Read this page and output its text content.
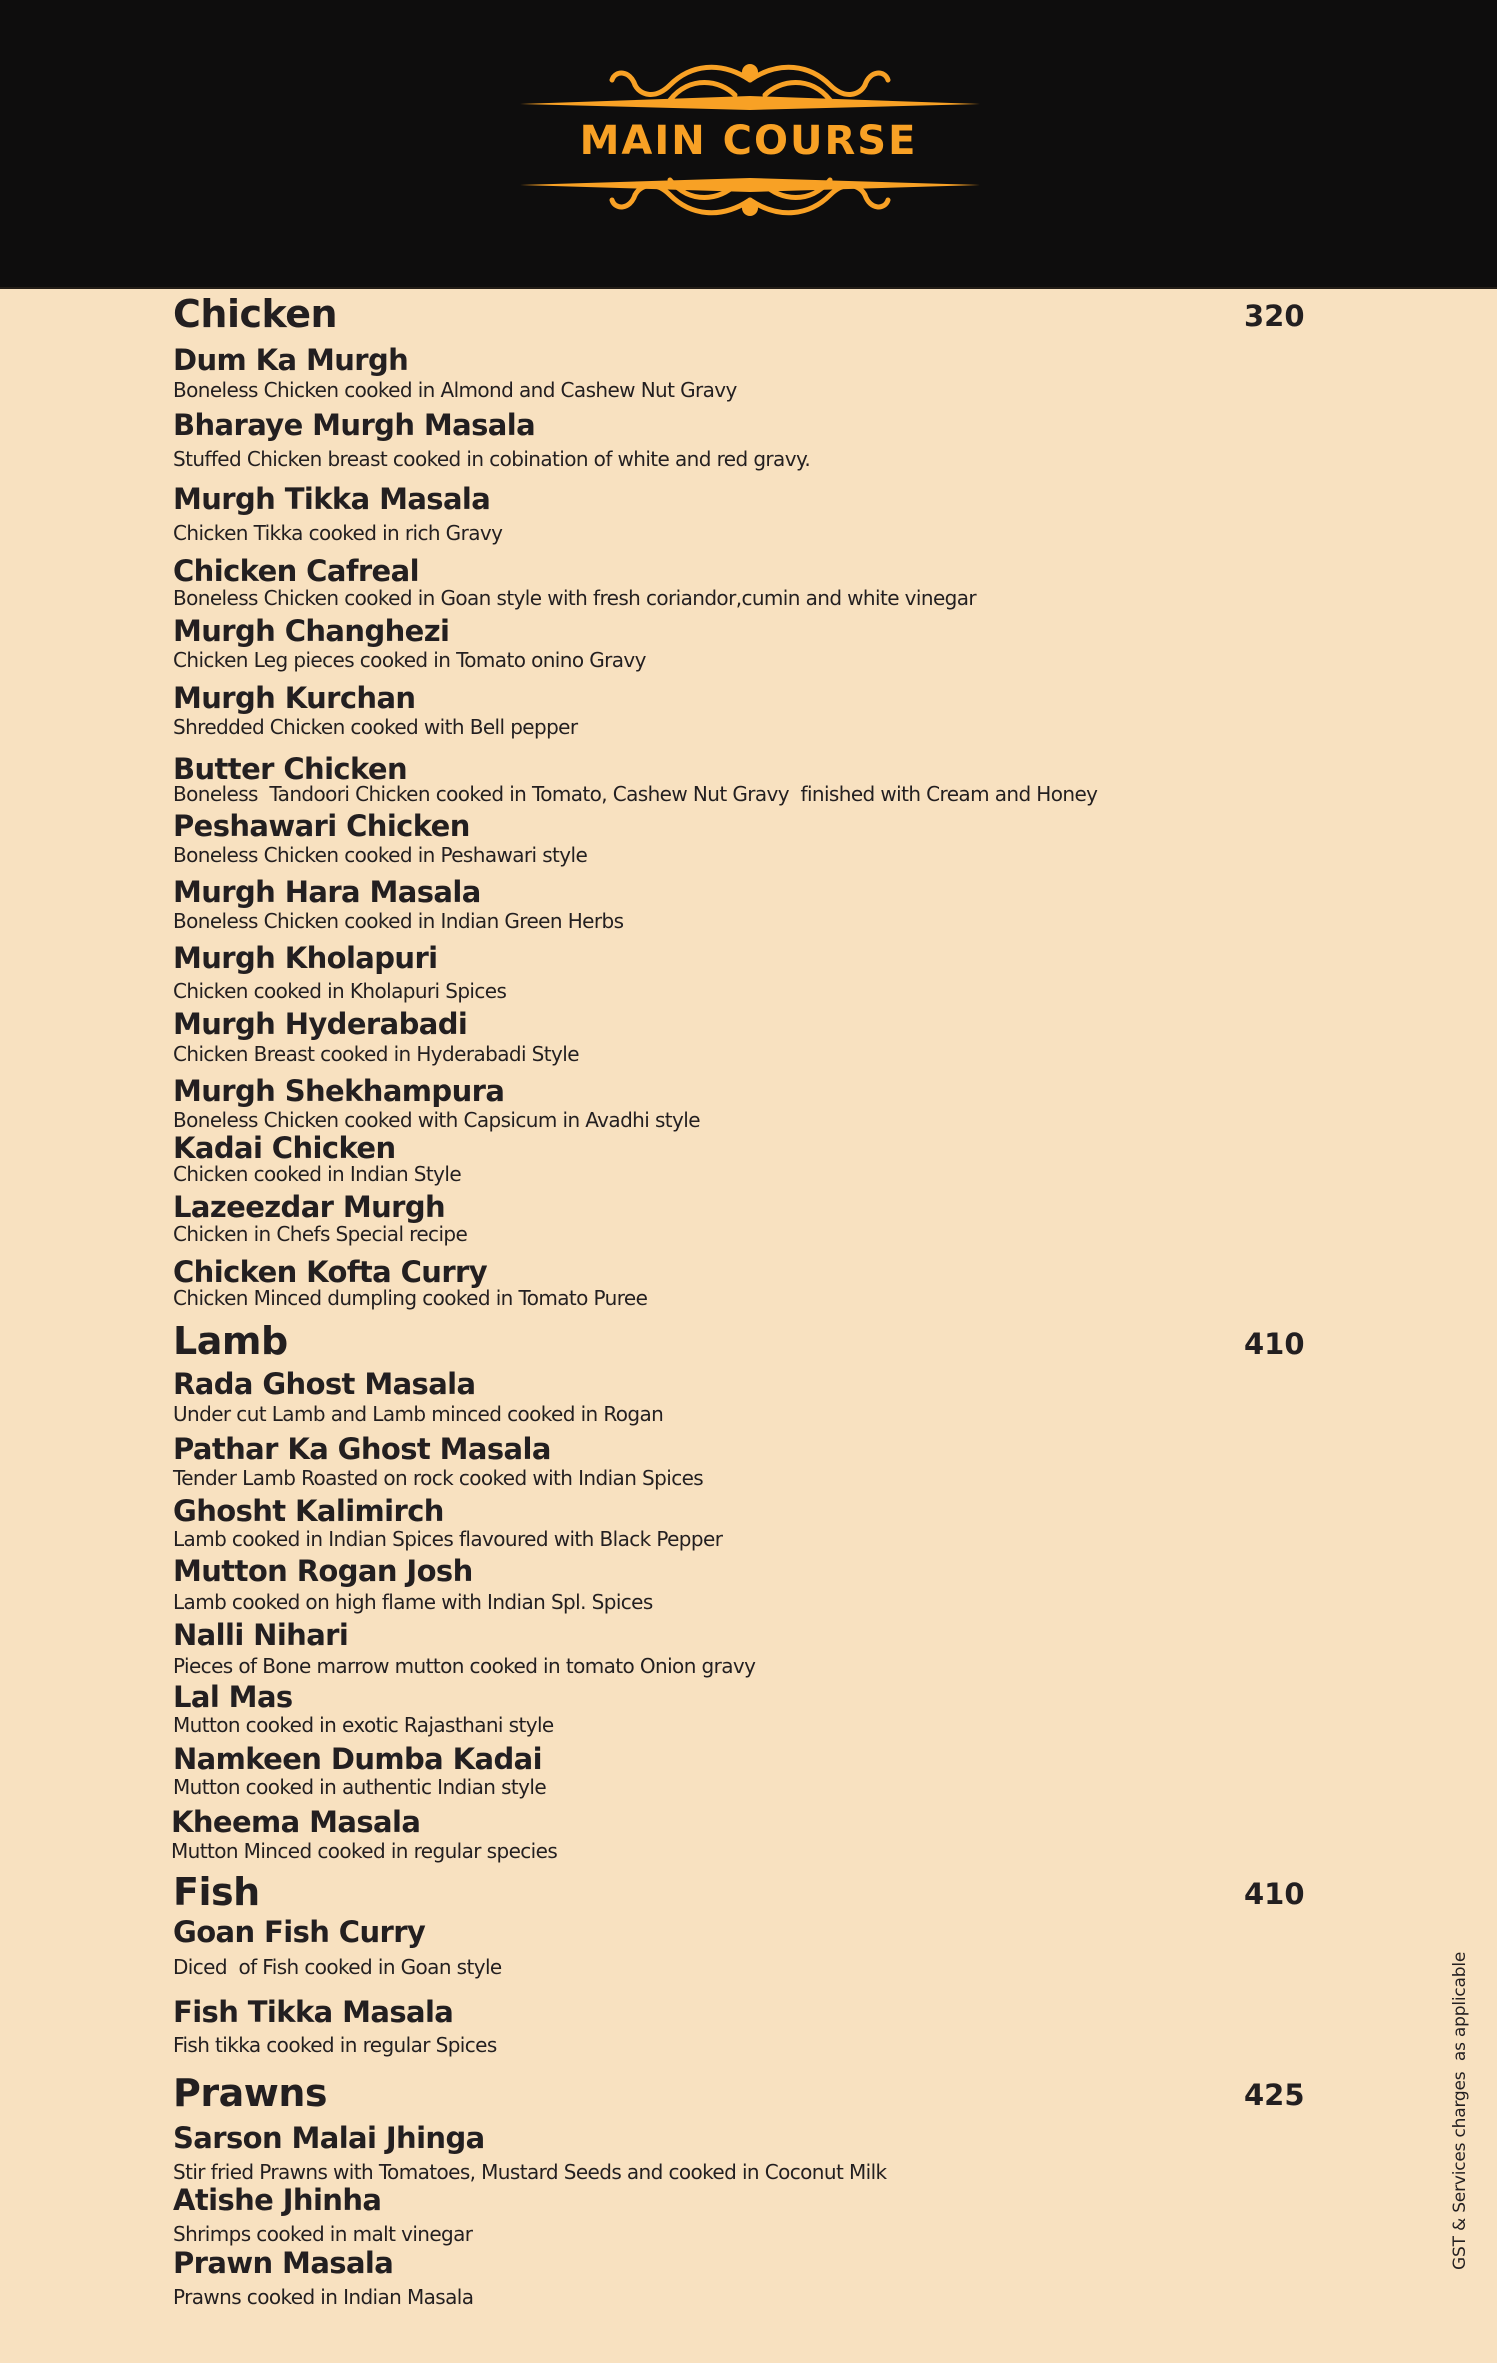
MAIN COURSE
Chicken	320
Dum Ka Murgh
Boneless Chicken cooked in Almond and Cashew Nut Gravy
Bharaye Murgh Masala
Stuffed Chicken breast cooked in cobination of white and red gravy.
Murgh Tikka Masala
Chicken Tikka cooked in rich Gravy
Chicken Cafreal
Boneless Chicken cooked in Goan style with fresh coriandor,cumin and white vinegar
Murgh Changhezi
Chicken Leg pieces cooked in Tomato onino Gravy
Murgh Kurchan
Shredded Chicken cooked with Bell pepper
Butter Chicken
Boneless  Tandoori Chicken cooked in Tomato, Cashew Nut Gravy  finished with Cream and Honey
Peshawari Chicken
Boneless Chicken cooked in Peshawari style
Murgh Hara Masala
Boneless Chicken cooked in Indian Green Herbs
Murgh Kholapuri
Chicken cooked in Kholapuri Spices
Murgh Hyderabadi
Chicken Breast cooked in Hyderabadi Style
Murgh Shekhampura
Boneless Chicken cooked with Capsicum in Avadhi style
Kadai Chicken
Chicken cooked in Indian Style
Lazeezdar Murgh
Chicken in Chefs Special recipe
Chicken Kofta Curry
Chicken Minced dumpling cooked in Tomato Puree
Lamb	410
Rada Ghost Masala
Under cut Lamb and Lamb minced cooked in Rogan
Pathar Ka Ghost Masala
Tender Lamb Roasted on rock cooked with Indian Spices
Ghosht Kalimirch
Lamb cooked in Indian Spices flavoured with Black Pepper
Mutton Rogan Josh
Lamb cooked on high flame with Indian Spl. Spices
Nalli Nihari
Pieces of Bone marrow mutton cooked in tomato Onion gravy
Lal Mas
Mutton cooked in exotic Rajasthani style
Namkeen Dumba Kadai
Mutton cooked in authentic Indian style
Kheema Masala
Mutton Minced cooked in regular species
Fish	410
Goan Fish Curry
Diced  of Fish cooked in Goan style
Fish Tikka Masala
Fish tikka cooked in regular Spices
Prawns	425
Sarson Malai Jhinga
Stir fried Prawns with Tomatoes, Mustard Seeds and cooked in Coconut Milk
Atishe Jhinha
Shrimps cooked in malt vinegar
Prawn Masala
Prawns cooked in Indian Masala
GST & Services charges  as applicable
